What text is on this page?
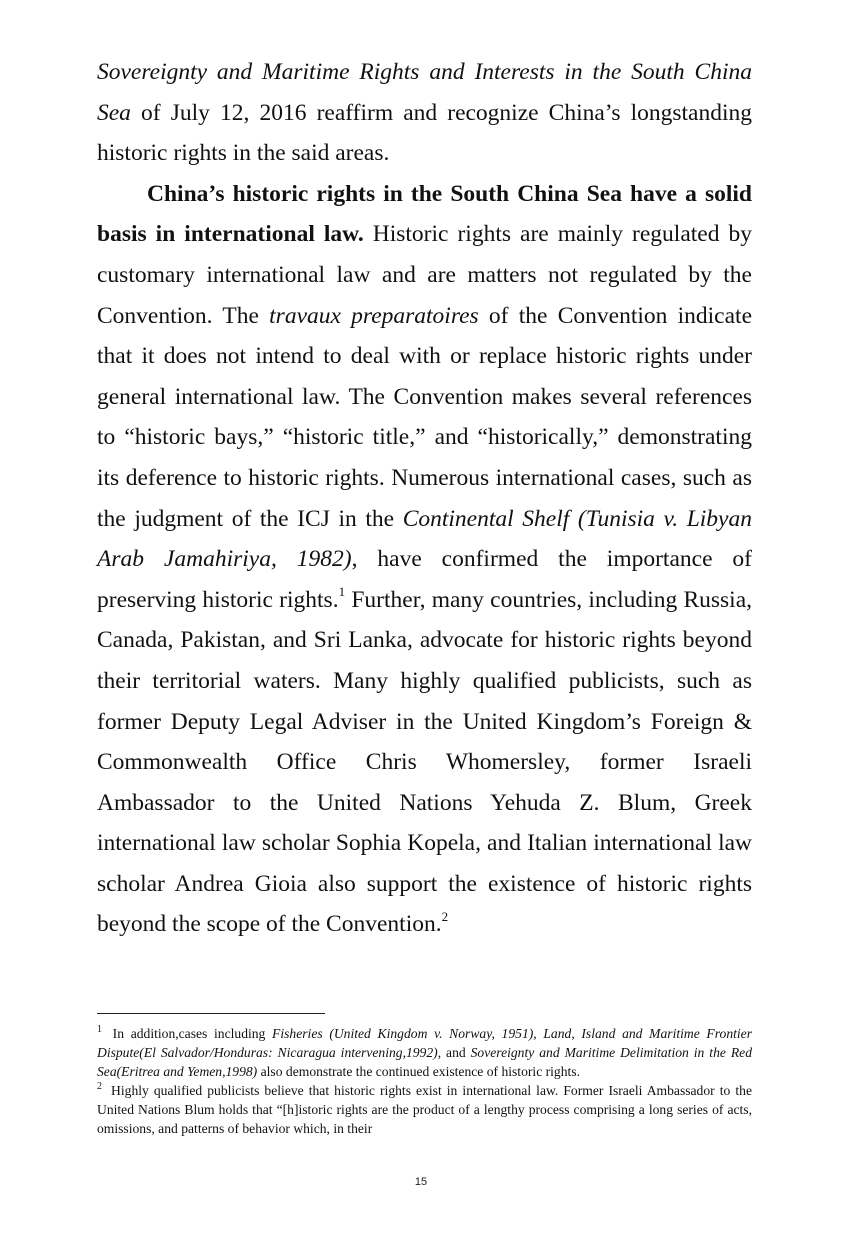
Sovereignty and Maritime Rights and Interests in the South China Sea of July 12, 2016 reaffirm and recognize China’s longstanding historic rights in the said areas.

China’s historic rights in the South China Sea have a solid basis in international law. Historic rights are mainly regulated by customary international law and are matters not regulated by the Convention. The travaux preparatoires of the Convention indicate that it does not intend to deal with or replace historic rights under general international law. The Convention makes several references to “historic bays,” “historic title,” and “historically,” demonstrating its deference to historic rights. Numerous international cases, such as the judgment of the ICJ in the Continental Shelf (Tunisia v. Libyan Arab Jamahiriya, 1982), have confirmed the importance of preserving historic rights.$^1$ Further, many countries, including Russia, Canada, Pakistan, and Sri Lanka, advocate for historic rights beyond their territorial waters. Many highly qualified publicists, such as former Deputy Legal Adviser in the United Kingdom’s Foreign & Commonwealth Office Chris Whomersley, former Israeli Ambassador to the United Nations Yehuda Z. Blum, Greek international law scholar Sophia Kopela, and Italian international law scholar Andrea Gioia also support the existence of historic rights beyond the scope of the Convention.$^2$

$^1$ In addition,cases including Fisheries (United Kingdom v. Norway, 1951), Land, Island and Maritime Frontier Dispute(El Salvador/Honduras: Nicaragua intervening,1992), and Sovereignty and Maritime Delimitation in the Red Sea(Eritrea and Yemen,1998) also demonstrate the continued existence of historic rights.

$^2$ Highly qualified publicists believe that historic rights exist in international law. Former Israeli Ambassador to the United Nations Blum holds that “[h]istoric rights are the product of a lengthy process comprising a long series of acts, omissions, and patterns of behavior which, in their

15
